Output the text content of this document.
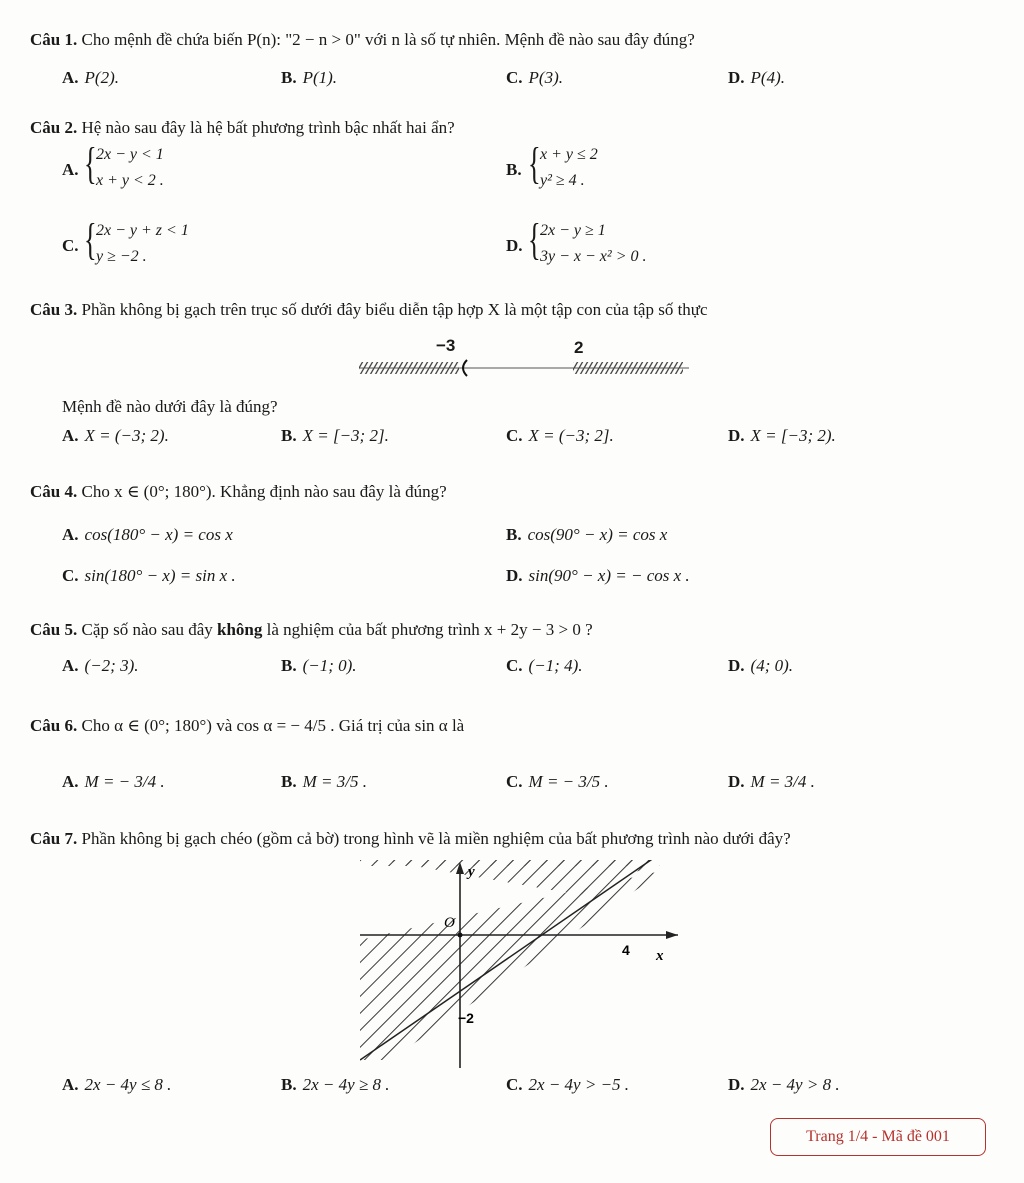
Câu 1. Cho mệnh đề chứa biến P(n): "2 − n > 0" với n là số tự nhiên. Mệnh đề nào sau đây đúng?
A. P(2).	B. P(1).	C. P(3).	D. P(4).
Câu 2. Hệ nào sau đây là hệ bất phương trình bậc nhất hai ẩn?
A. { 2x − y < 1
x + y < 2 .
B. { x + y ≤ 2
y² ≥ 4 .
C. { 2x − y + z < 1
y ≥ −2 .
D. { 2x − y ≥ 1
3y − x − x² > 0 .
Câu 3. Phần không bị gạch trên trục số dưới đây biểu diễn tập hợp X là một tập con của tập số thực
−3	2
Mệnh đề nào dưới đây là đúng?
A. X = (−3; 2).	B. X = [−3; 2].	C. X = (−3; 2].	D. X = [−3; 2).
Câu 4. Cho x ∈ (0°; 180°). Khẳng định nào sau đây là đúng?
A. cos(180° − x) = cos x	B. cos(90° − x) = cos x
C. sin(180° − x) = sin x .	D. sin(90° − x) = − cos x .
Câu 5. Cặp số nào sau đây không là nghiệm của bất phương trình x + 2y − 3 > 0 ?
A. (−2; 3).	B. (−1; 0).	C. (−1; 4).	D. (4; 0).
Câu 6. Cho α ∈ (0°; 180°) và cos α = − 4/5 . Giá trị của sin α là
A. M = − 3/4 .	B. M = 3/5 .	C. M = − 3/5 .	D. M = 3/4 .
Câu 7. Phần không bị gạch chéo (gồm cả bờ) trong hình vẽ là miền nghiệm của bất phương trình nào dưới đây?
y
x
O
4
−2
A. 2x − 4y ≤ 8 .	B. 2x − 4y ≥ 8 .	C. 2x − 4y > −5 .	D. 2x − 4y > 8 .
Trang 1/4 - Mã đề 001
